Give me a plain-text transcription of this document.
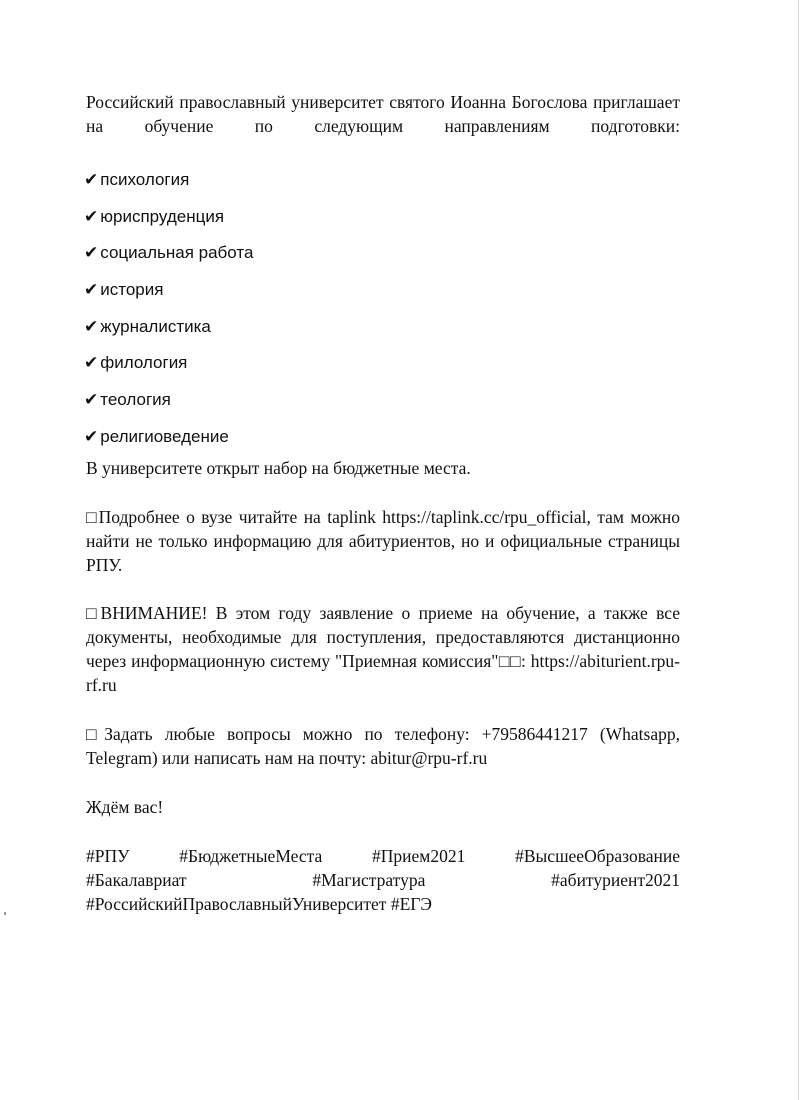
Российский православный университет святого Иоанна Богослова приглашает на обучение по следующим направлениям подготовки:

✔ психология
✔ юриспруденция
✔ социальная работа
✔ история
✔ журналистика
✔ филология
✔ теология
✔ религиоведение

В университете открыт набор на бюджетные места.

□Подробнее о вузе читайте на taplink https://taplink.cc/rpu_official, там можно найти не только информацию для абитуриентов, но и официальные страницы РПУ.

□ВНИМАНИЕ! В этом году заявление о приеме на обучение, а также все документы, необходимые для поступления, предоставляются дистанционно через информационную систему "Приемная комиссия"□□: https://abiturient.rpu-rf.ru

□Задать любые вопросы можно по телефону: +79586441217 (Whatsapp, Telegram) или написать нам на почту: abitur@rpu-rf.ru

Ждём вас!

#РПУ #БюджетныеМеста #Прием2021 #ВысшееОбразование

#Бакалавриат #Магистратура #абитуриент2021

#РоссийскийПравославныйУниверситет #ЕГЭ
